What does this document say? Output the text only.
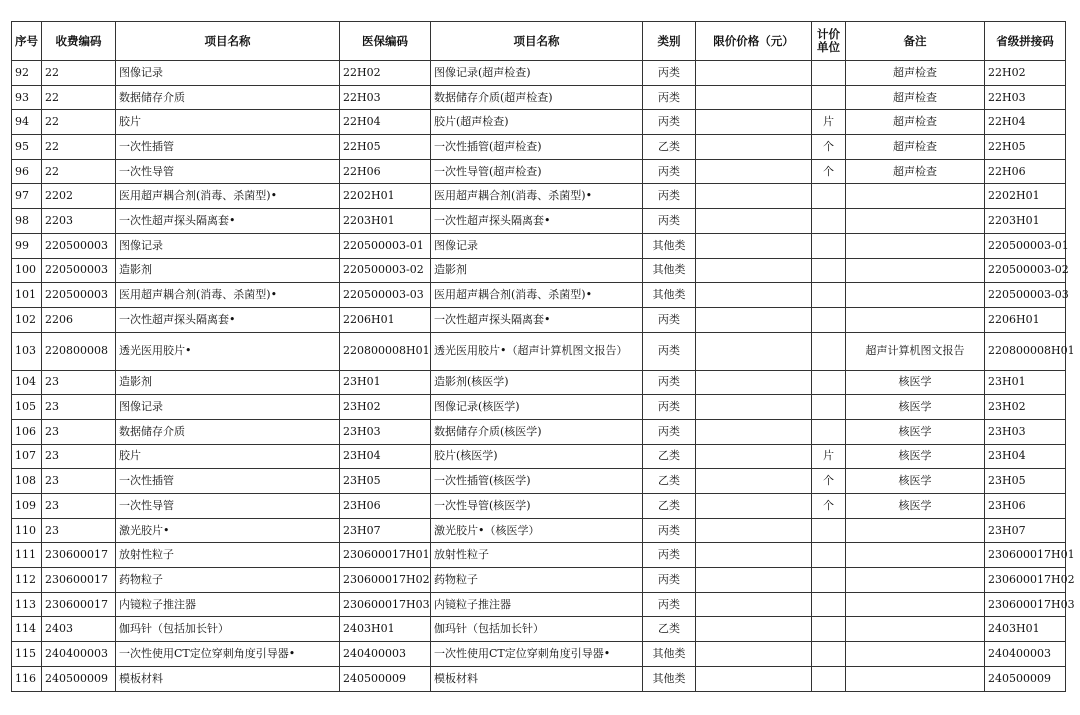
序号	收费编码	项目名称	医保编码	项目名称	类别	限价价格（元）	计价单位	备注	省级拼接码
92	22	图像记录	22H02	图像记录(超声检查)	丙类			超声检查	22H02
93	22	数据储存介质	22H03	数据储存介质(超声检查)	丙类			超声检查	22H03
94	22	胶片	22H04	胶片(超声检查)	丙类		片	超声检查	22H04
95	22	一次性插管	22H05	一次性插管(超声检查)	乙类		个	超声检查	22H05
96	22	一次性导管	22H06	一次性导管(超声检查)	丙类		个	超声检查	22H06
97	2202	医用超声耦合剂(消毒、杀菌型)•	2202H01	医用超声耦合剂(消毒、杀菌型)•	丙类				2202H01
98	2203	一次性超声探头隔离套•	2203H01	一次性超声探头隔离套•	丙类				2203H01
99	220500003	图像记录	220500003-01	图像记录	其他类				220500003-01
100	220500003	造影剂	220500003-02	造影剂	其他类				220500003-02
101	220500003	医用超声耦合剂(消毒、杀菌型)•	220500003-03	医用超声耦合剂(消毒、杀菌型)•	其他类				220500003-03
102	2206	一次性超声探头隔离套•	2206H01	一次性超声探头隔离套•	丙类				2206H01
103	220800008	透光医用胶片•	220800008H01	透光医用胶片•（超声计算机图文报告）	丙类			超声计算机图文报告	220800008H01
104	23	造影剂	23H01	造影剂(核医学)	丙类			核医学	23H01
105	23	图像记录	23H02	图像记录(核医学)	丙类			核医学	23H02
106	23	数据储存介质	23H03	数据储存介质(核医学)	丙类			核医学	23H03
107	23	胶片	23H04	胶片(核医学)	乙类		片	核医学	23H04
108	23	一次性插管	23H05	一次性插管(核医学)	乙类		个	核医学	23H05
109	23	一次性导管	23H06	一次性导管(核医学)	乙类		个	核医学	23H06
110	23	激光胶片•	23H07	激光胶片•（核医学）	丙类				23H07
111	230600017	放射性粒子	230600017H01	放射性粒子	丙类				230600017H01
112	230600017	药物粒子	230600017H02	药物粒子	丙类				230600017H02
113	230600017	内镜粒子推注器	230600017H03	内镜粒子推注器	丙类				230600017H03
114	2403	伽玛针（包括加长针）	2403H01	伽玛针（包括加长针）	乙类				2403H01
115	240400003	一次性使用CT定位穿刺角度引导器•	240400003	一次性使用CT定位穿刺角度引导器•	其他类				240400003
116	240500009	模板材料	240500009	模板材料	其他类				240500009
